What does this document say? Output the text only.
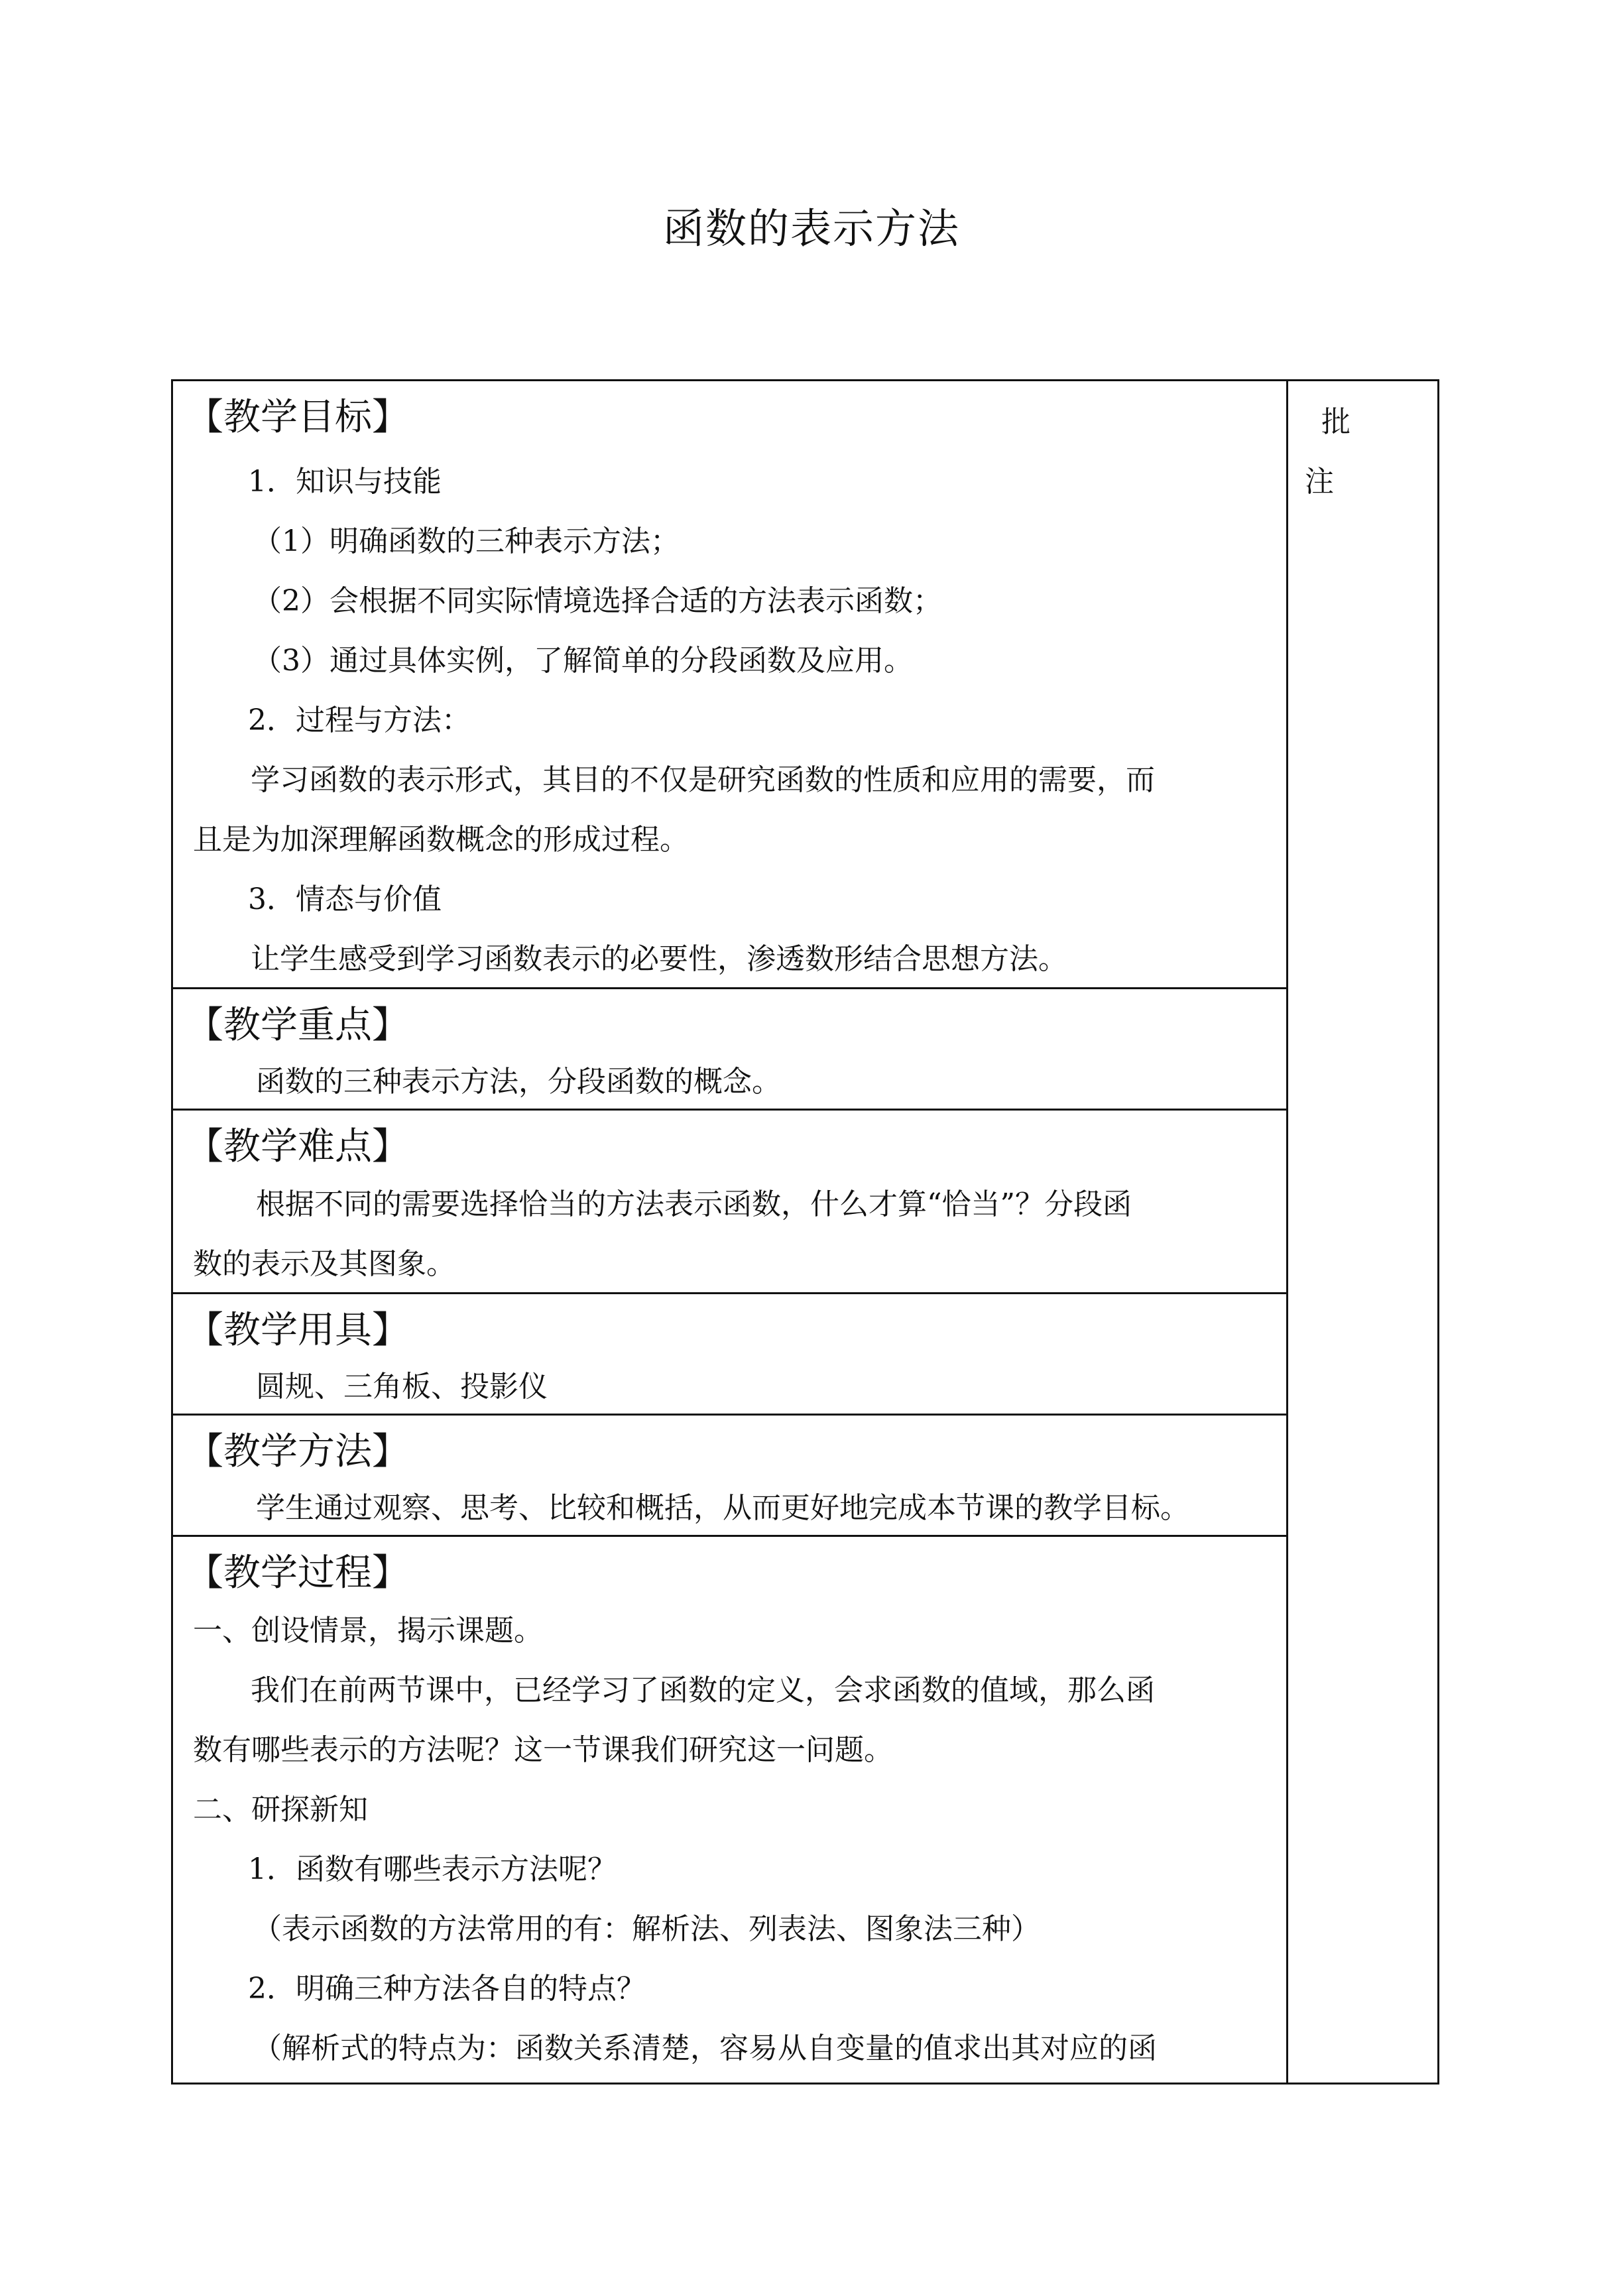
函数的表示方法
【教学目标】
1．知识与技能
（1）明确函数的三种表示方法；
（2）会根据不同实际情境选择合适的方法表示函数；
（3）通过具体实例，了解简单的分段函数及应用。
2．过程与方法：
学习函数的表示形式，其目的不仅是研究函数的性质和应用的需要，而
且是为加深理解函数概念的形成过程。
3．情态与价值
让学生感受到学习函数表示的必要性，渗透数形结合思想方法。
【教学重点】
函数的三种表示方法，分段函数的概念。
【教学难点】
根据不同的需要选择恰当的方法表示函数，什么才算“恰当”？分段函
数的表示及其图象。
【教学用具】
圆规、三角板、投影仪
【教学方法】
学生通过观察、思考、比较和概括，从而更好地完成本节课的教学目标。
【教学过程】
一、创设情景，揭示课题。
我们在前两节课中，已经学习了函数的定义，会求函数的值域，那么函
数有哪些表示的方法呢？这一节课我们研究这一问题。
二、研探新知
1．函数有哪些表示方法呢？
（表示函数的方法常用的有：解析法、列表法、图象法三种）
2．明确三种方法各自的特点？
（解析式的特点为：函数关系清楚，容易从自变量的值求出其对应的函
批
注
